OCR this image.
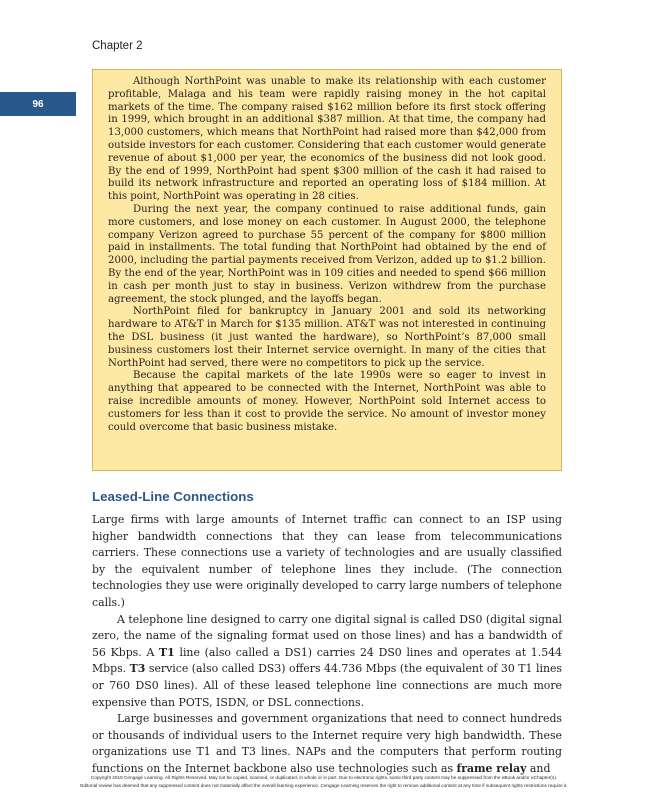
Chapter 2
96

Although NorthPoint was unable to make its relationship with each customer profitable, Malaga and his team were rapidly raising money in the hot capital markets of the time. The company raised $162 million before its first stock offering in 1999, which brought in an additional $387 million. At that time, the company had 13,000 customers, which means that NorthPoint had raised more than $42,000 from outside investors for each customer. Considering that each customer would generate revenue of about $1,000 per year, the economics of the business did not look good. By the end of 1999, NorthPoint had spent $300 million of the cash it had raised to build its network infrastructure and reported an operating loss of $184 million. At this point, NorthPoint was operating in 28 cities.

During the next year, the company continued to raise additional funds, gain more customers, and lose money on each customer. In August 2000, the telephone company Verizon agreed to purchase 55 percent of the company for $800 million paid in installments. The total funding that NorthPoint had obtained by the end of 2000, including the partial payments received from Verizon, added up to $1.2 billion. By the end of the year, NorthPoint was in 109 cities and needed to spend $66 million in cash per month just to stay in business. Verizon withdrew from the purchase agreement, the stock plunged, and the layoffs began.

NorthPoint filed for bankruptcy in January 2001 and sold its networking hardware to AT&T in March for $135 million. AT&T was not interested in continuing the DSL business (it just wanted the hardware), so NorthPoint’s 87,000 small business customers lost their Internet service overnight. In many of the cities that NorthPoint had served, there were no competitors to pick up the service.

Because the capital markets of the late 1990s were so eager to invest in anything that appeared to be connected with the Internet, NorthPoint was able to raise incredible amounts of money. However, NorthPoint sold Internet access to customers for less than it cost to provide the service. No amount of investor money could overcome that basic business mistake.

Leased-Line Connections

Large firms with large amounts of Internet traffic can connect to an ISP using higher bandwidth connections that they can lease from telecommunications carriers. These connections use a variety of technologies and are usually classified by the equivalent number of telephone lines they include. (The connection technologies they use were originally developed to carry large numbers of telephone calls.)

A telephone line designed to carry one digital signal is called DS0 (digital signal zero, the name of the signaling format used on those lines) and has a bandwidth of 56 Kbps. A T1 line (also called a DS1) carries 24 DS0 lines and operates at 1.544 Mbps. T3 service (also called DS3) offers 44.736 Mbps (the equivalent of 30 T1 lines or 760 DS0 lines). All of these leased telephone line connections are much more expensive than POTS, ISDN, or DSL connections.

Large businesses and government organizations that need to connect hundreds or thousands of individual users to the Internet require very high bandwidth. These organizations use T1 and T3 lines. NAPs and the computers that perform routing functions on the Internet backbone also use technologies such as frame relay and

Copyright 2015 Cengage Learning. All Rights Reserved. May not be copied, scanned, or duplicated, in whole or in part. Due to electronic rights, some third party content may be suppressed from the eBook and/or eChapter(s).
Editorial review has deemed that any suppressed content does not materially affect the overall learning experience. Cengage Learning reserves the right to remove additional content at any time if subsequent rights restrictions require it.
